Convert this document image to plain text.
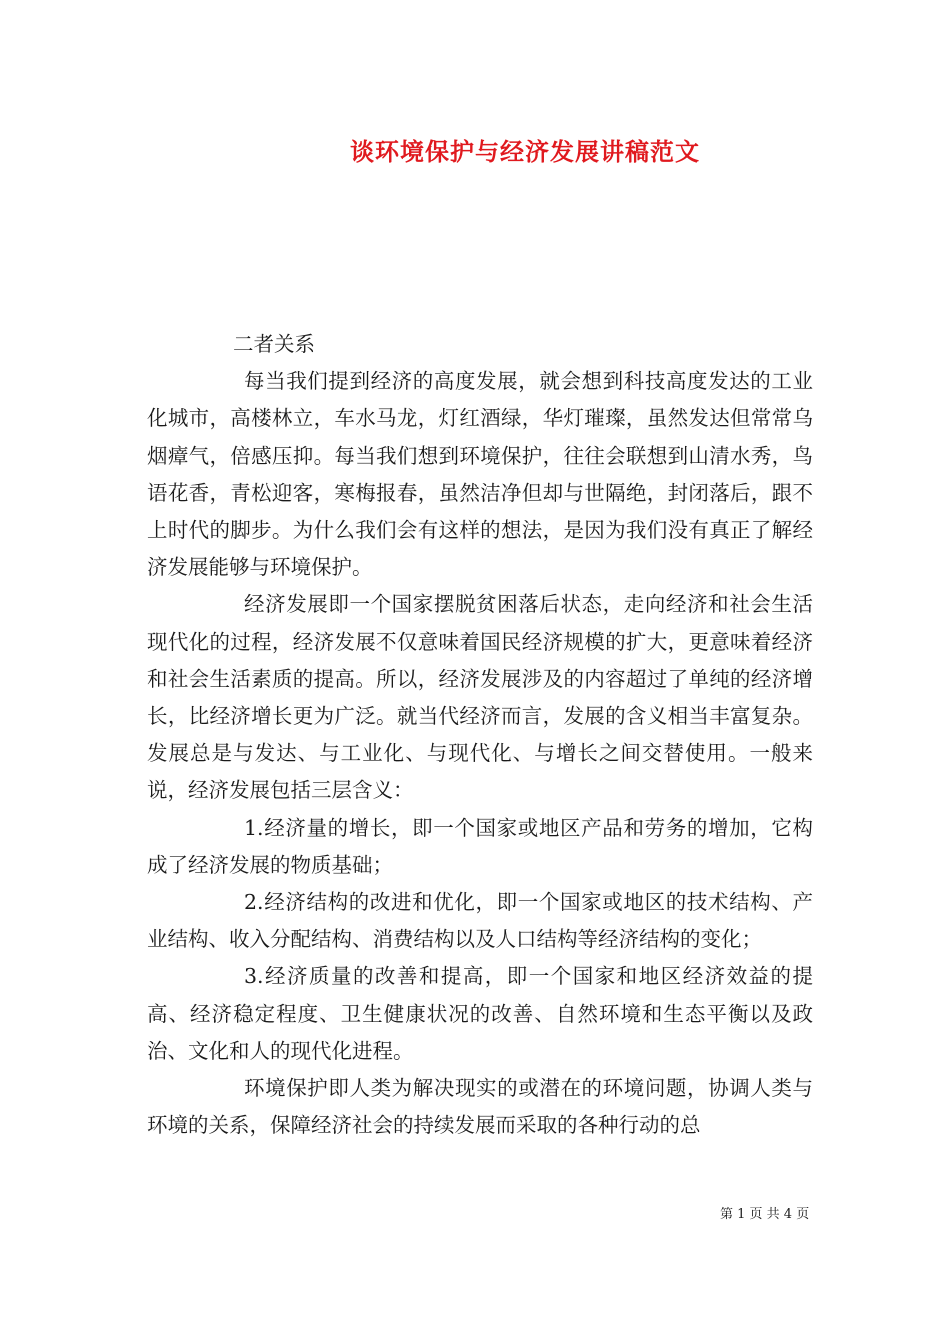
谈环境保护与经济发展讲稿范文

二者关系

每当我们提到经济的高度发展，就会想到科技高度发达的工业化城市，高楼林立，车水马龙，灯红酒绿，华灯璀璨，虽然发达但常常乌烟瘴气，倍感压抑。每当我们想到环境保护，往往会联想到山清水秀，鸟语花香，青松迎客，寒梅报春，虽然洁净但却与世隔绝，封闭落后，跟不上时代的脚步。为什么我们会有这样的想法，是因为我们没有真正了解经济发展能够与环境保护。

经济发展即一个国家摆脱贫困落后状态，走向经济和社会生活现代化的过程，经济发展不仅意味着国民经济规模的扩大，更意味着经济和社会生活素质的提高。所以，经济发展涉及的内容超过了单纯的经济增长，比经济增长更为广泛。就当代经济而言，发展的含义相当丰富复杂。发展总是与发达、与工业化、与现代化、与增长之间交替使用。一般来说，经济发展包括三层含义：

1.经济量的增长，即一个国家或地区产品和劳务的增加，它构成了经济发展的物质基础；

2.经济结构的改进和优化，即一个国家或地区的技术结构、产业结构、收入分配结构、消费结构以及人口结构等经济结构的变化；

3.经济质量的改善和提高，即一个国家和地区经济效益的提高、经济稳定程度、卫生健康状况的改善、自然环境和生态平衡以及政治、文化和人的现代化进程。

环境保护即人类为解决现实的或潜在的环境问题，协调人类与环境的关系，保障经济社会的持续发展而采取的各种行动的总

第 1 页 共 4 页
